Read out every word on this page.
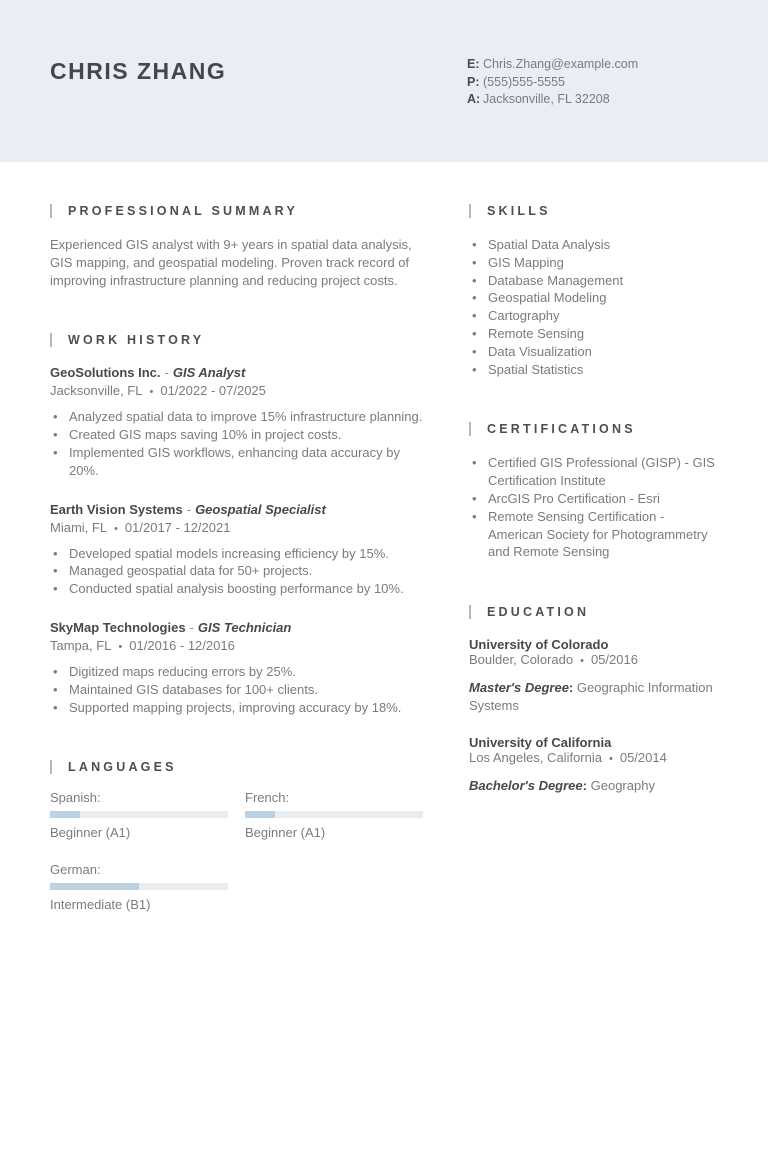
CHRIS ZHANG	E: Chris.Zhang@example.com
P: (555)555-5555
A: Jacksonville, FL 32208
PROFESSIONAL SUMMARY

Experienced GIS analyst with 9+ years in spatial data analysis, GIS mapping, and geospatial modeling. Proven track record of improving infrastructure planning and reducing project costs.

WORK HISTORY
GeoSolutions Inc. - GIS Analyst
Jacksonville, FL • 01/2022 - 07/2025
• Analyzed spatial data to improve 15% infrastructure planning.
• Created GIS maps saving 10% in project costs.
• Implemented GIS workflows, enhancing data accuracy by 20%.
Earth Vision Systems - Geospatial Specialist
Miami, FL • 01/2017 - 12/2021
• Developed spatial models increasing efficiency by 15%.
• Managed geospatial data for 50+ projects.
• Conducted spatial analysis boosting performance by 10%.
SkyMap Technologies - GIS Technician
Tampa, FL • 01/2016 - 12/2016
• Digitized maps reducing errors by 25%.
• Maintained GIS databases for 100+ clients.
• Supported mapping projects, improving accuracy by 18%.
LANGUAGES
Spanish:
Beginner (A1)
French:
Beginner (A1)
German:
Intermediate (B1)
SKILLS
• Spatial Data Analysis
• GIS Mapping
• Database Management
• Geospatial Modeling
• Cartography
• Remote Sensing
• Data Visualization
• Spatial Statistics
CERTIFICATIONS
• Certified GIS Professional (GISP) - GIS Certification Institute
• ArcGIS Pro Certification - Esri
• Remote Sensing Certification - American Society for Photogrammetry and Remote Sensing
EDUCATION
University of Colorado
Boulder, Colorado • 05/2016

Master's Degree: Geographic Information Systems

University of California
Los Angeles, California • 05/2014

Bachelor's Degree: Geography
